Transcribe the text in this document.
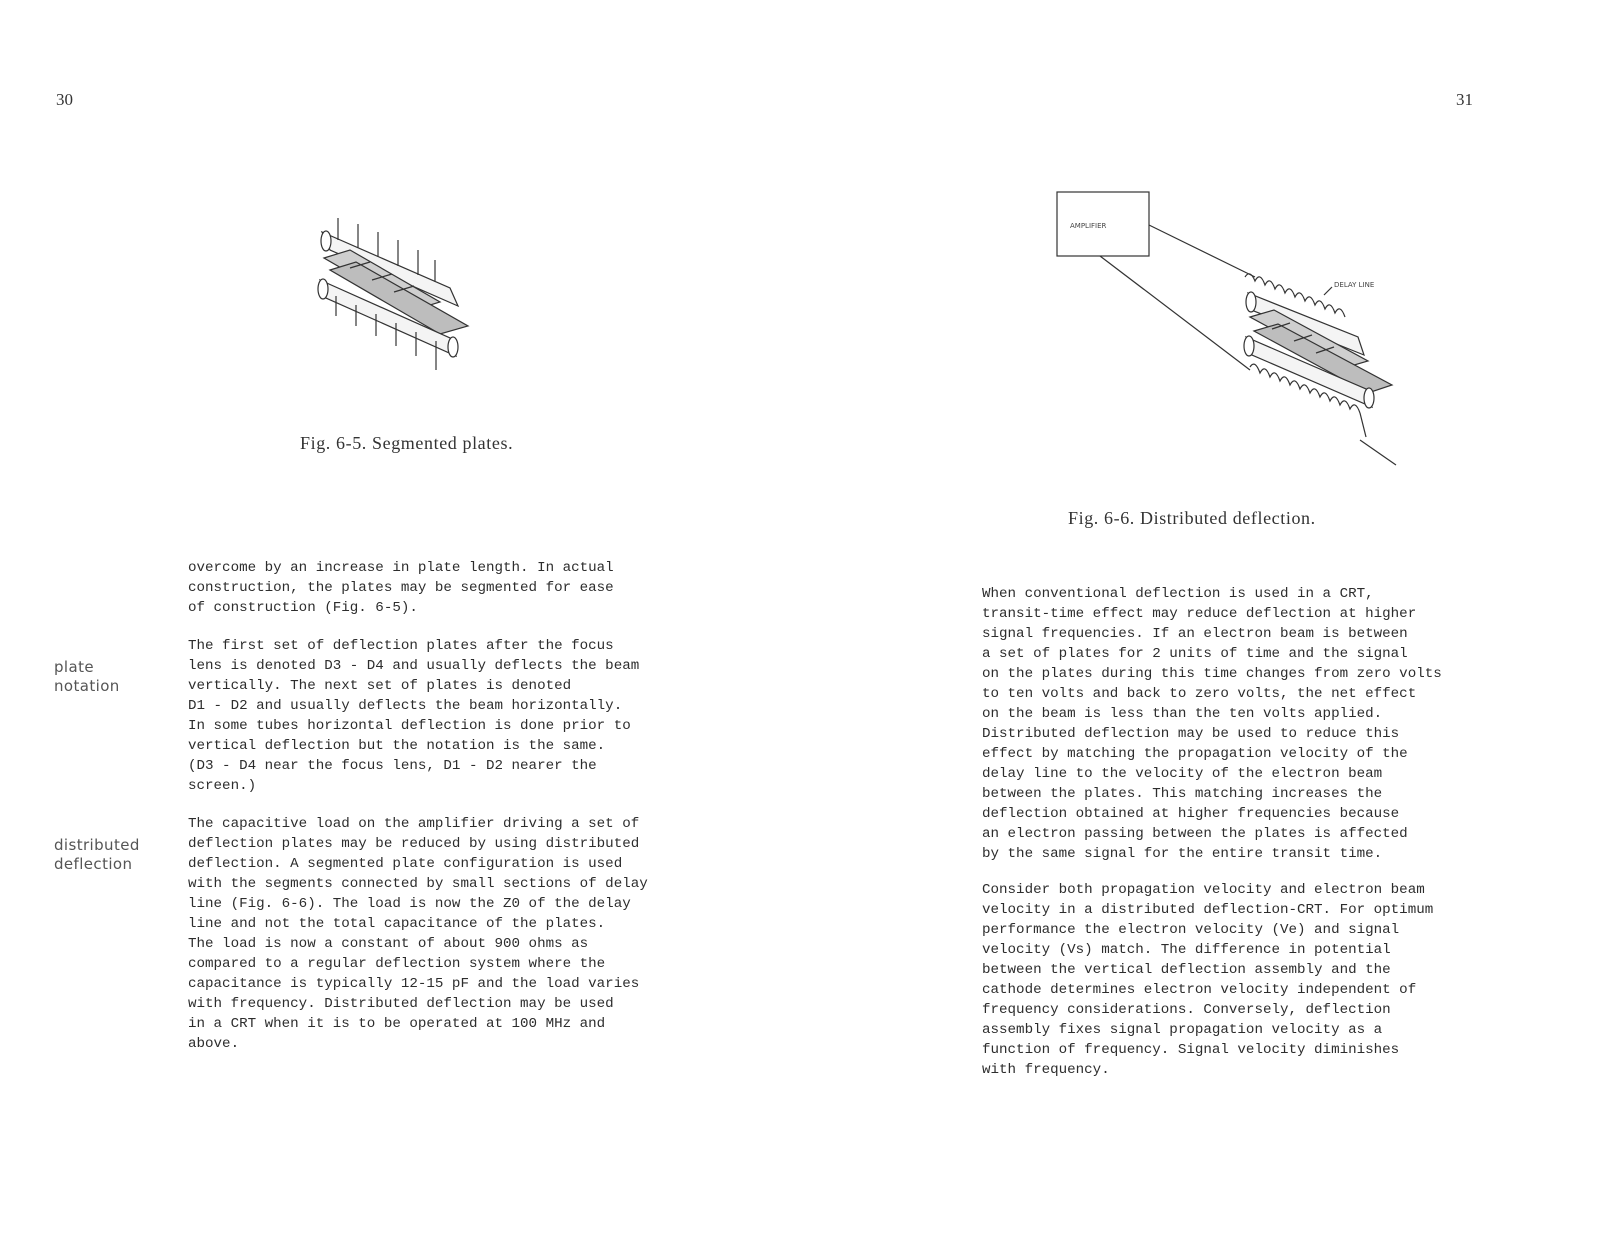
30
Fig. 6-5. Segmented plates.
plate
notation
distributed
deflection
overcome by an increase in plate length. In actual
construction, the plates may be segmented for ease
of construction (Fig. 6-5).
The first set of deflection plates after the focus
lens is denoted D3 - D4 and usually deflects the beam
vertically. The next set of plates is denoted
D1 - D2 and usually deflects the beam horizontally.
In some tubes horizontal deflection is done prior to
vertical deflection but the notation is the same.
(D3 - D4 near the focus lens, D1 - D2 nearer the
screen.)
The capacitive load on the amplifier driving a set of
deflection plates may be reduced by using distributed
deflection. A segmented plate configuration is used
with the segments connected by small sections of delay
line (Fig. 6-6). The load is now the Z0 of the delay
line and not the total capacitance of the plates.
The load is now a constant of about 900 ohms as
compared to a regular deflection system where the
capacitance is typically 12-15 pF and the load varies
with frequency. Distributed deflection may be used
in a CRT when it is to be operated at 100 MHz and
above.
31
AMPLIFIER
DELAY LINE
Fig. 6-6. Distributed deflection.
When conventional deflection is used in a CRT,
transit-time effect may reduce deflection at higher
signal frequencies. If an electron beam is between
a set of plates for 2 units of time and the signal
on the plates during this time changes from zero volts
to ten volts and back to zero volts, the net effect
on the beam is less than the ten volts applied.
Distributed deflection may be used to reduce this
effect by matching the propagation velocity of the
delay line to the velocity of the electron beam
between the plates. This matching increases the
deflection obtained at higher frequencies because
an electron passing between the plates is affected
by the same signal for the entire transit time.
Consider both propagation velocity and electron beam
velocity in a distributed deflection-CRT. For optimum
performance the electron velocity (Ve) and signal
velocity (Vs) match. The difference in potential
between the vertical deflection assembly and the
cathode determines electron velocity independent of
frequency considerations. Conversely, deflection
assembly fixes signal propagation velocity as a
function of frequency. Signal velocity diminishes
with frequency.
